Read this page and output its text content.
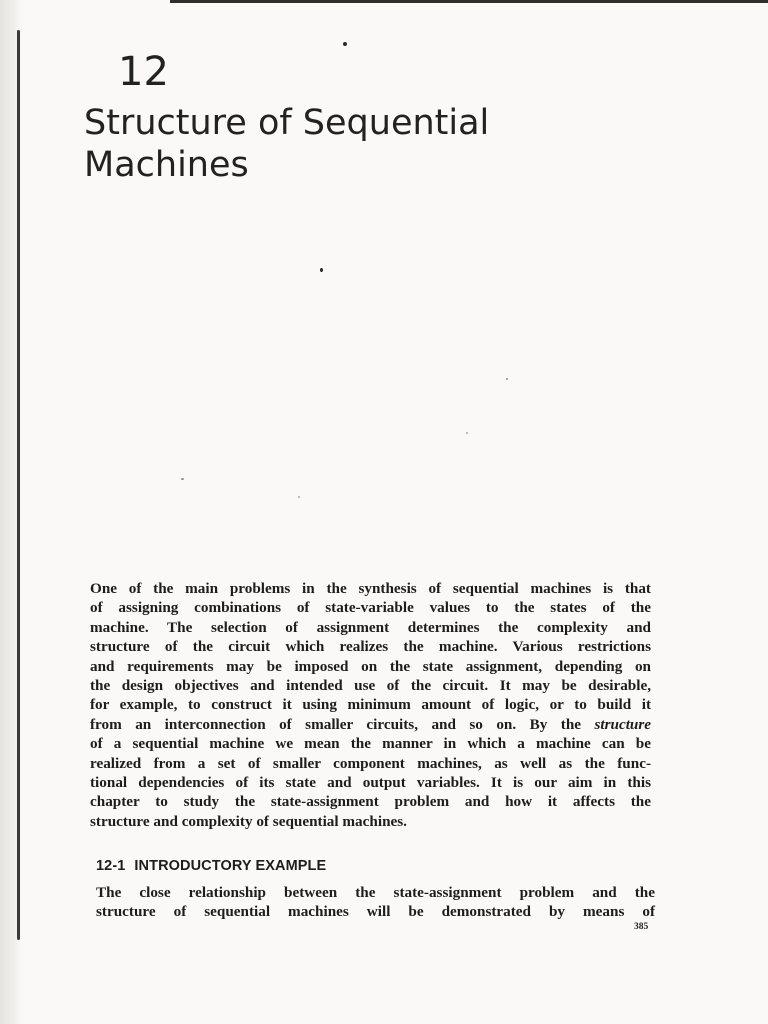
12
Structure of Sequential
Machines
One of the main problems in the synthesis of sequential machines is that
of assigning combinations of state-variable values to the states of the
machine. The selection of assignment determines the complexity and
structure of the circuit which realizes the machine. Various restrictions
and requirements may be imposed on the state assignment, depending on
the design objectives and intended use of the circuit. It may be desirable,
for example, to construct it using minimum amount of logic, or to build it
from an interconnection of smaller circuits, and so on. By the structure
of a sequential machine we mean the manner in which a machine can be
realized from a set of smaller component machines, as well as the func-
tional dependencies of its state and output variables. It is our aim in this
chapter to study the state-assignment problem and how it affects the
structure and complexity of sequential machines.
12-1 INTRODUCTORY EXAMPLE
The close relationship between the state-assignment problem and the
structure of sequential machines will be demonstrated by means of
385
